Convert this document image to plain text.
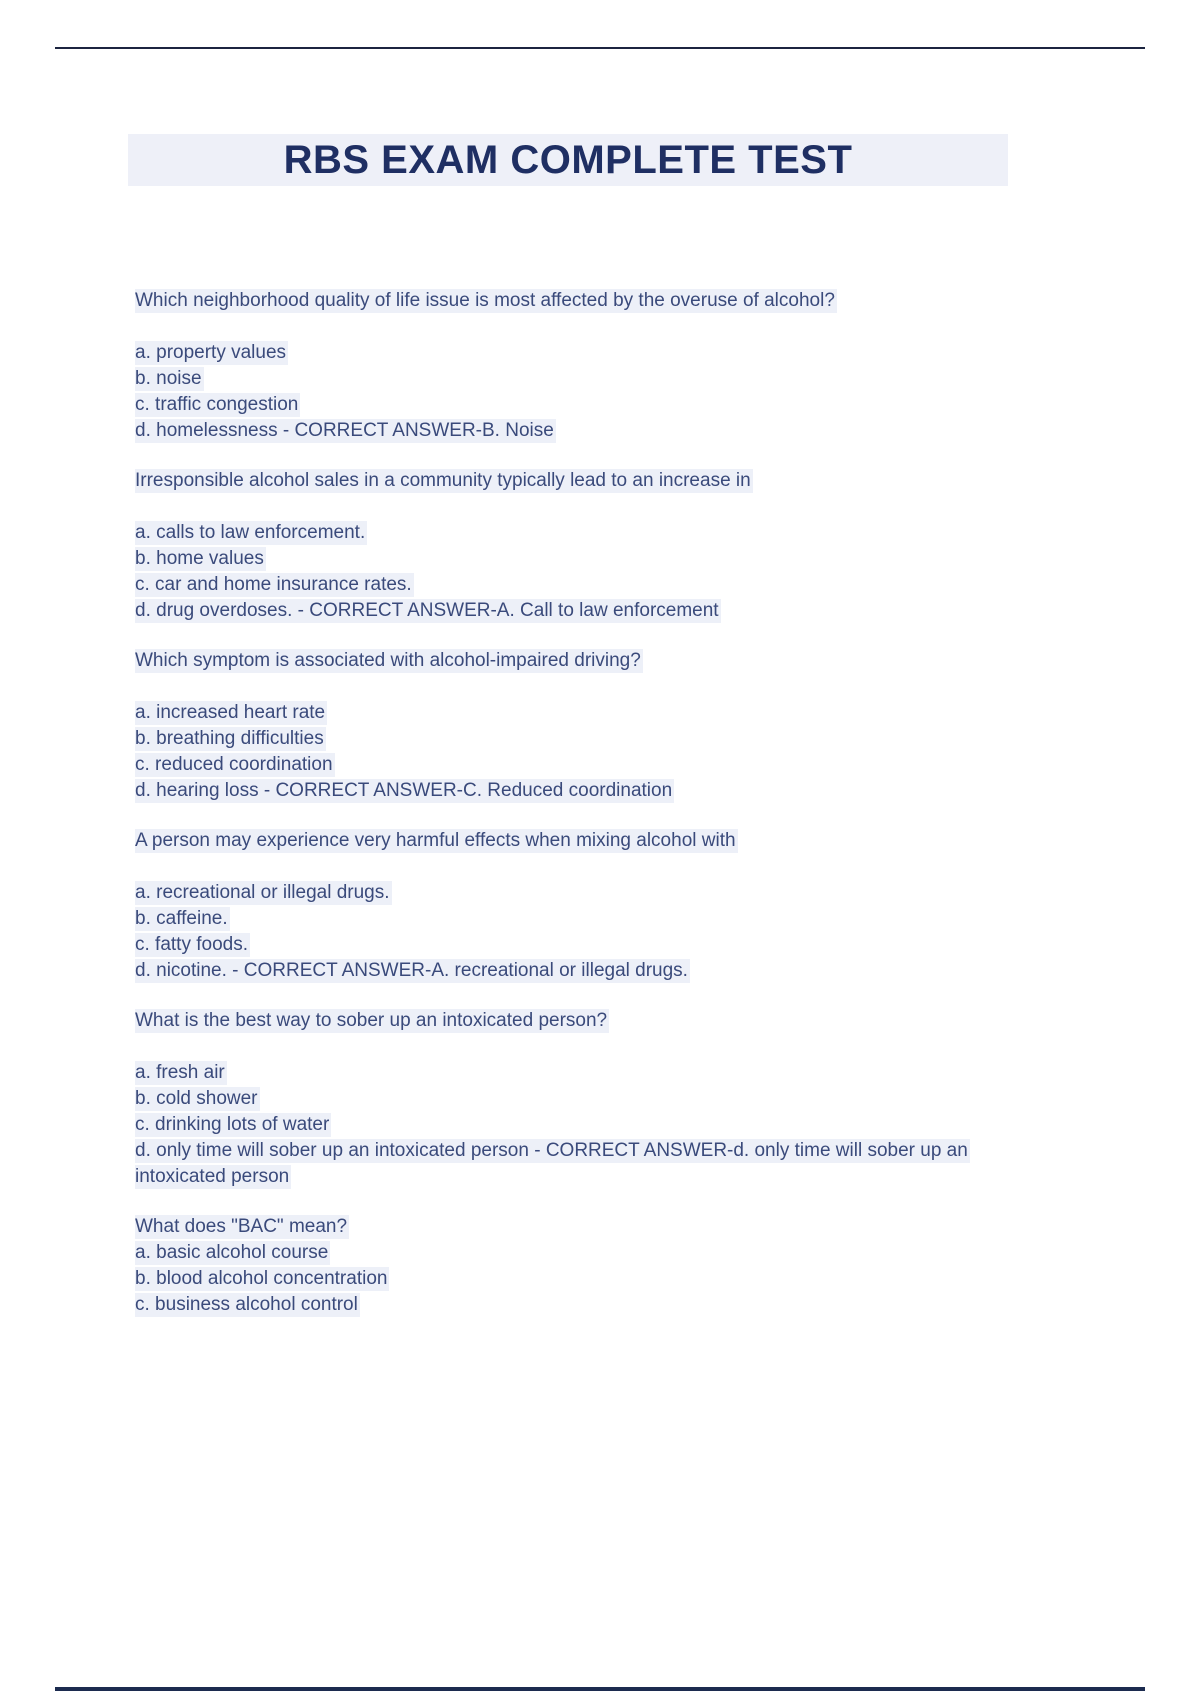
RBS EXAM COMPLETE TEST
Which neighborhood quality of life issue is most affected by the overuse of alcohol?
a. property values
b. noise
c. traffic congestion
d. homelessness - CORRECT ANSWER-B. Noise
Irresponsible alcohol sales in a community typically lead to an increase in
a. calls to law enforcement.
b. home values
c. car and home insurance rates.
d. drug overdoses. - CORRECT ANSWER-A. Call to law enforcement
Which symptom is associated with alcohol-impaired driving?
a. increased heart rate
b. breathing difficulties
c. reduced coordination
d. hearing loss - CORRECT ANSWER-C. Reduced coordination
A person may experience very harmful effects when mixing alcohol with
a. recreational or illegal drugs.
b. caffeine.
c. fatty foods.
d. nicotine. - CORRECT ANSWER-A. recreational or illegal drugs.
What is the best way to sober up an intoxicated person?
a. fresh air
b. cold shower
c. drinking lots of water
d. only time will sober up an intoxicated person - CORRECT ANSWER-d. only time will sober up an intoxicated person
What does "BAC" mean?
a. basic alcohol course
b. blood alcohol concentration
c. business alcohol control
